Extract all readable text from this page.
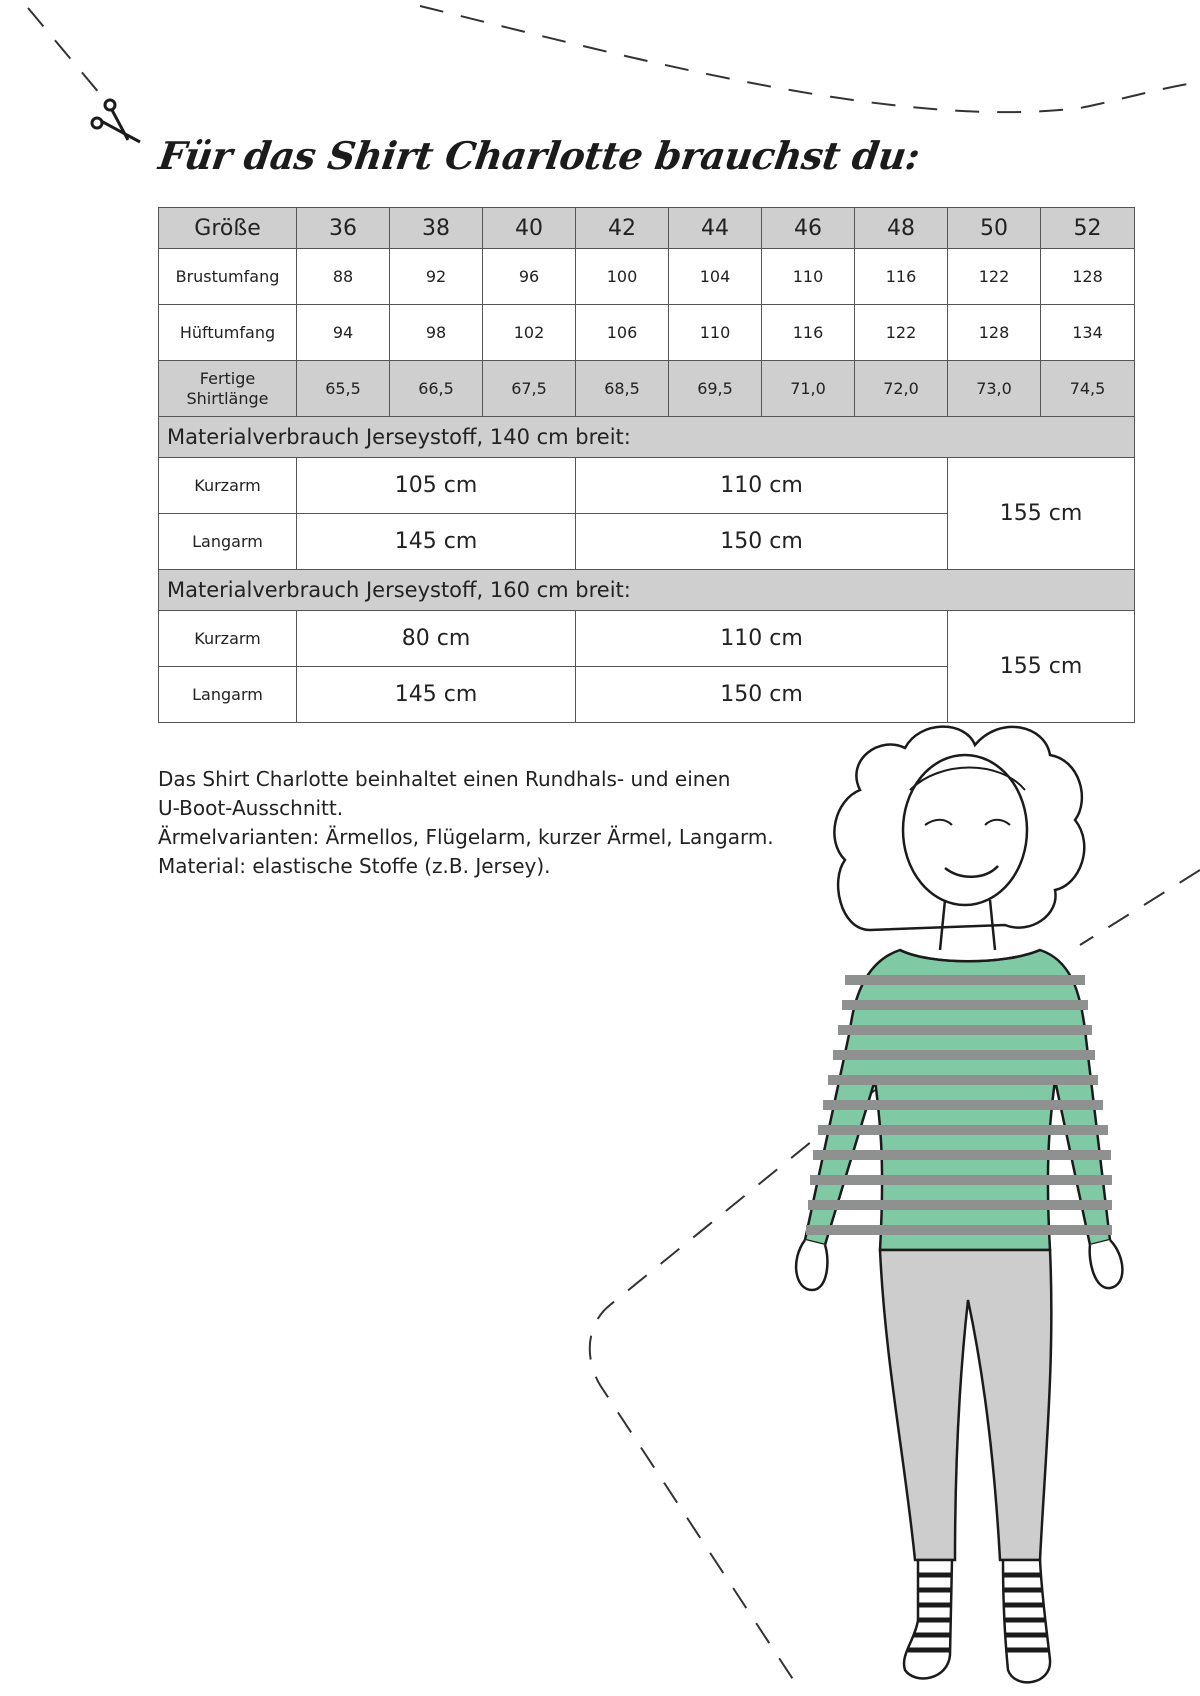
Für das Shirt Charlotte brauchst du:
Größe	36	38	40	42	44	46	48	50	52
Brustumfang	88	92	96	100	104	110	116	122	128
Hüftumfang	94	98	102	106	110	116	122	128	134

Fertige
Shirtlänge	65,5	66,5	67,5	68,5	69,5	71,0	72,0	73,0	74,5
Materialverbrauch Jerseystoff, 140 cm breit:									
Kurzarm	105 cm			110 cm				155 cm	
Langarm	145 cm			150 cm					
Materialverbrauch Jerseystoff, 160 cm breit:									
Kurzarm	80 cm			110 cm				155 cm	
Langarm	145 cm			150 cm					
Das Shirt Charlotte beinhaltet einen Rundhals- und einen
U-Boot-Ausschnitt.
Ärmelvarianten: Ärmellos, Flügelarm, kurzer Ärmel, Langarm.
Material: elastische Stoffe (z.B. Jersey).
